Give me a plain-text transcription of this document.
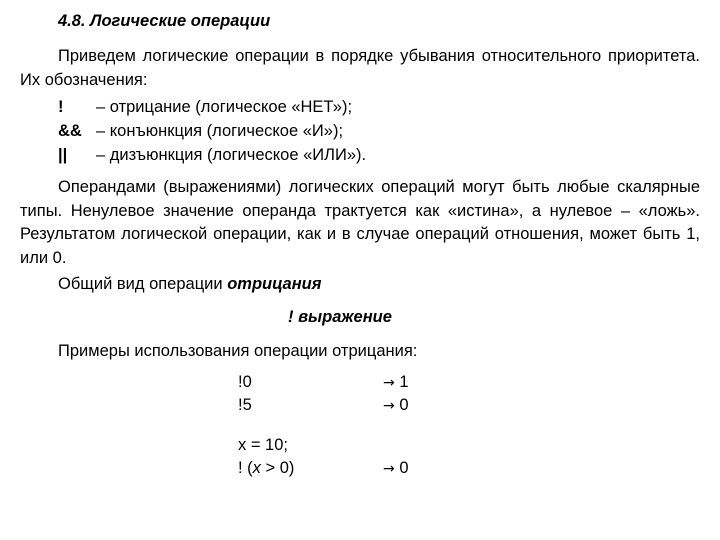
4.8. Логические операции
Приведем логические операции в порядке убывания относительного приоритета. Их обозначения:
! – отрицание (логическое «НЕТ»);
&& – конъюнкция (логическое «И»);
|| – дизъюнкция (логическое «ИЛИ»).
Операндами (выражениями) логических операций могут быть любые скалярные типы. Ненулевое значение операнда трактуется как «истина», а нулевое – «ложь». Результатом логической операции, как и в случае операций отношения, может быть 1, или 0.
Общий вид операции отрицания
! выражение
Примеры использования операции отрицания:
!0	→ 1
!5	→ 0
x = 10;
! (x > 0)	→ 0
